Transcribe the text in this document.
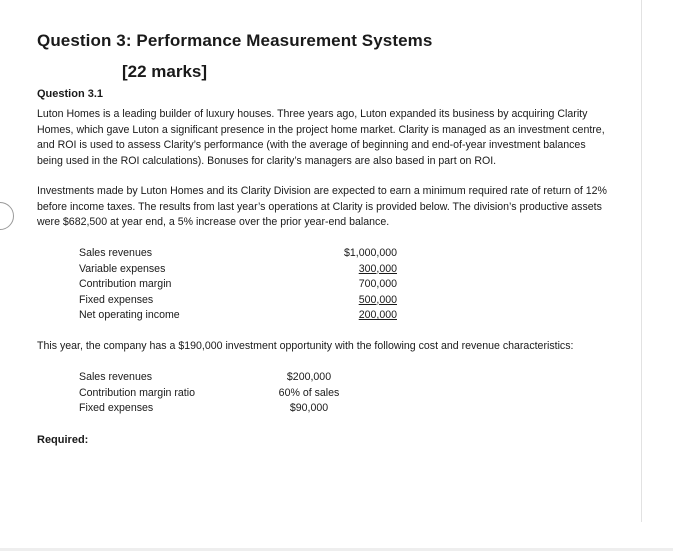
Question 3: Performance Measurement Systems
[22 marks]
Question 3.1

Luton Homes is a leading builder of luxury houses. Three years ago, Luton expanded its business by acquiring Clarity Homes, which gave Luton a significant presence in the project home market. Clarity is managed as an investment centre, and ROI is used to assess Clarity’s performance (with the average of beginning and end-of-year investment balances being used in the ROI calculations). Bonuses for clarity’s managers are also based in part on ROI.

Investments made by Luton Homes and its Clarity Division are expected to earn a minimum required rate of return of 12% before income taxes. The results from last year’s operations at Clarity is provided below. The division’s productive assets were $682,500 at year end, a 5% increase over the prior year-end balance.

Sales revenues	$1,000,000
Variable expenses	300,000
Contribution margin	700,000
Fixed expenses	500,000
Net operating income	200,000

This year, the company has a $190,000 investment opportunity with the following cost and revenue characteristics:

Sales revenues	$200,000
Contribution margin ratio	60% of sales
Fixed expenses	$90,000
Required:
